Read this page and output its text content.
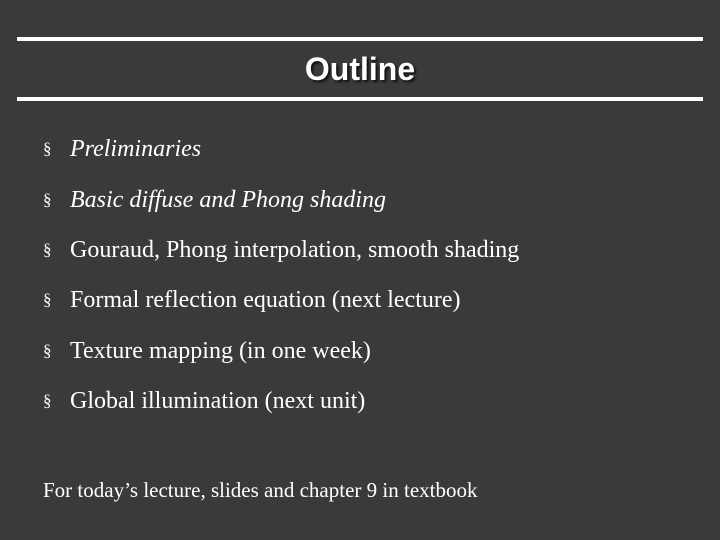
Outline
§ Preliminaries
§ Basic diffuse and Phong shading
§ Gouraud, Phong interpolation, smooth shading
§ Formal reflection equation (next lecture)
§ Texture mapping (in one week)
§ Global illumination (next unit)
For today’s lecture, slides and chapter 9 in textbook
